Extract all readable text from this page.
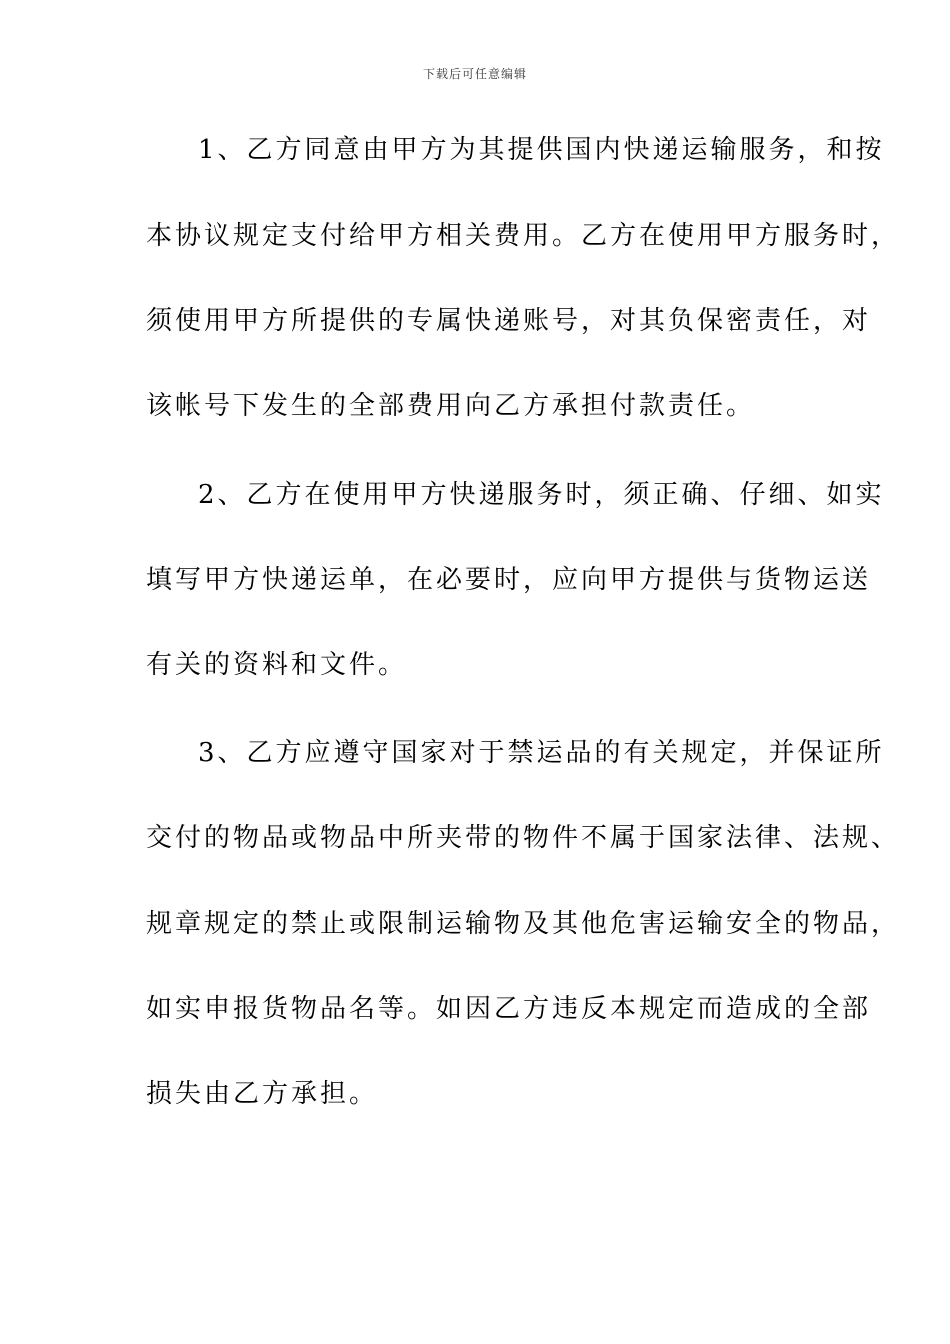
下载后可任意编辑
1、乙方同意由甲方为其提供国内快递运输服务，和按
本协议规定支付给甲方相关费用。乙方在使用甲方服务时，
须使用甲方所提供的专属快递账号，对其负保密责任，对
该帐号下发生的全部费用向乙方承担付款责任。
2、乙方在使用甲方快递服务时，须正确、仔细、如实
填写甲方快递运单，在必要时，应向甲方提供与货物运送
有关的资料和文件。
3、乙方应遵守国家对于禁运品的有关规定，并保证所
交付的物品或物品中所夹带的物件不属于国家法律、法规、
规章规定的禁止或限制运输物及其他危害运输安全的物品，
如实申报货物品名等。如因乙方违反本规定而造成的全部
损失由乙方承担。
